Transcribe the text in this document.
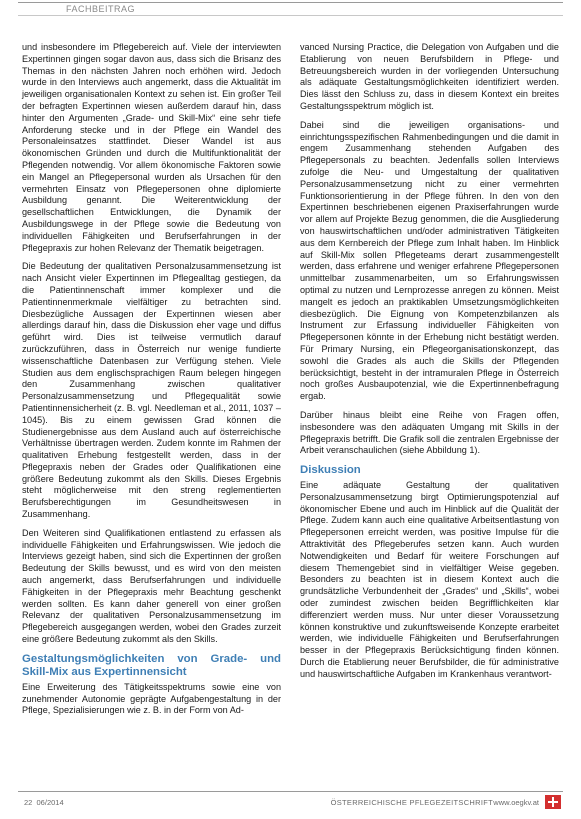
FACHBEITRAG

und insbesondere im Pflegebereich auf. Viele der interviewten Expertinnen gingen sogar davon aus, dass sich die Brisanz des Themas in den nächsten Jahren noch erhöhen wird. Jedoch wurde in den Interviews auch angemerkt, dass die Aktualität im jeweiligen organisationalen Kontext zu sehen ist. Ein großer Teil der befragten Expertinnen wiesen außerdem darauf hin, dass hinter den Argumenten „Grade- und Skill-Mix“ eine sehr tiefe Anforderung stecke und in der Pflege ein Wandel des Personaleinsatzes stattfindet. Dieser Wandel ist aus ökonomischen Gründen und durch die Multifunktionalität der Pflegenden notwendig. Vor allem ökonomische Faktoren sowie ein Mangel an Pflegepersonal wurden als Ursachen für den vermehrten Einsatz von Pflegepersonen ohne diplomierte Ausbildung genannt. Die Weiterentwicklung der gesellschaftlichen Entwicklungen, die Dynamik der Ausbildungswege in der Pflege sowie die Bedeutung von individuellen Fähigkeiten und Berufserfahrungen in der Pflegepraxis zur hohen Relevanz der Thematik beigetragen.

Die Bedeutung der qualitativen Personalzusammensetzung ist nach Ansicht vieler Expertinnen im Pflegealltag gestiegen, da die Patientinnenschaft immer komplexer und die Patientinnenmerkmale vielfältiger zu betrachten sind. Diesbezügliche Aussagen der Expertinnen wiesen aber allerdings darauf hin, dass die Diskussion eher vage und diffus geführt wird. Dies ist teilweise vermutlich darauf zurückzuführen, dass in Österreich nur wenige fundierte wissenschaftliche Datenbasen zur Verfügung stehen. Viele Studien aus dem englischsprachigen Raum belegen hingegen den Zusammenhang zwischen qualitativer Personalzusammensetzung und Pflegequalität sowie Patientinnensicherheit (z. B. vgl. Needleman et al., 2011, 1037 – 1045). Bis zu einem gewissen Grad können die Studienergebnisse aus dem Ausland auch auf österreichische Verhältnisse übertragen werden. Zudem konnte im Rahmen der qualitativen Erhebung festgestellt werden, dass in der Pflegepraxis neben der Grades oder Qualifikationen eine größere Bedeutung zukommt als den Skills. Dieses Ergebnis steht möglicherweise mit den streng reglementierten Berufsberechtigungen im Gesundheitswesen in Zusammenhang.

Den Weiteren sind Qualifikationen entlastend zu erfassen als individuelle Fähigkeiten und Erfahrungswissen. Wie jedoch die Interviews gezeigt haben, sind sich die Expertinnen der großen Bedeutung der Skills bewusst, und es wird von den meisten auch angemerkt, dass Berufserfahrungen und individuelle Fähigkeiten in der Pflegepraxis mehr Beachtung geschenkt werden sollten. Es kann daher generell von einer großen Relevanz der qualitativen Personalzusammensetzung im Pflegebereich ausgegangen werden, wobei den Grades zurzeit eine größere Bedeutung zukommt als den Skills.

Gestaltungsmöglichkeiten von Grade- und Skill-Mix aus Expertinnensicht

Eine Erweiterung des Tätigkeitsspektrums sowie eine von zunehmender Autonomie geprägte Aufgabengestaltung in der Pflege, Spezialisierungen wie z. B. in der Form von Ad-

vanced Nursing Practice, die Delegation von Aufgaben und die Etablierung von neuen Berufsbildern in Pflege- und Betreuungsbereich wurden in der vorliegenden Untersuchung als adäquate Gestaltungsmöglichkeiten identifiziert werden. Dies lässt den Schluss zu, dass in diesem Kontext ein breites Gestaltungsspektrum möglich ist.

Dabei sind die jeweiligen organisations- und einrichtungsspezifischen Rahmenbedingungen und die damit in engem Zusammenhang stehenden Aufgaben des Pflegepersonals zu beachten. Jedenfalls sollen Interviews zufolge die Neu- und Umgestaltung der qualitativen Personalzusammensetzung nicht zu einer vermehrten Funktionsorientierung in der Pflege führen. In den von den Expertinnen beschriebenen eigenen Praxiserfahrungen wurde vor allem auf Projekte Bezug genommen, die die Ausgliederung von hauswirtschaftlichen und/oder administrativen Tätigkeiten aus dem Kernbereich der Pflege zum Inhalt haben. Im Hinblick auf Skill-Mix sollen Pflegeteams derart zusammengestellt werden, dass erfahrene und weniger erfahrene Pflegepersonen unmittelbar zusammenarbeiten, um so Erfahrungswissen optimal zu nutzen und Lernprozesse anregen zu können. Meist mangelt es jedoch an praktikablen Umsetzungsmöglichkeiten diesbezüglich. Die Eignung von Kompetenzbilanzen als Instrument zur Erfassung individueller Fähigkeiten von Pflegepersonen könnte in der Erhebung nicht bestätigt werden. Für Primary Nursing, ein Pflegeorganisationskonzept, das sowohl die Grades als auch die Skills der Pflegenden berücksichtigt, besteht in der intramuralen Pflege in Österreich noch großes Ausbaupotenzial, wie die Expertinnenbefragung ergab.

Darüber hinaus bleibt eine Reihe von Fragen offen, insbesondere was den adäquaten Umgang mit Skills in der Pflegepraxis betrifft. Die Grafik soll die zentralen Ergebnisse der Arbeit veranschaulichen (siehe Abbildung 1).

Diskussion

Eine adäquate Gestaltung der qualitativen Personalzusammensetzung birgt Optimierungspotenzial auf ökonomischer Ebene und auch im Hinblick auf die Qualität der Pflege. Zudem kann auch eine qualitative Arbeitsentlastung von Pflegepersonen erreicht werden, was positive Impulse für die Attraktivität des Pflegeberufes setzen kann. Auch wurden Notwendigkeiten und Bedarf für weitere Forschungen auf diesem Themengebiet sind in vielfältiger Weise gegeben. Besonders zu beachten ist in diesem Kontext auch die grundsätzliche Verbundenheit der „Grades“ und „Skills“, wobei oder zumindest zwischen beiden Begrifflichkeiten klar differenziert werden muss. Nur unter dieser Voraussetzung können konstruktive und zukunftsweisende Konzepte erarbeitet werden, wie individuelle Fähigkeiten und Berufserfahrungen besser in der Pflegepraxis Berücksichtigung finden können. Durch die Etablierung neuer Berufsbilder, die für administrative und hauswirtschaftliche Aufgaben im Krankenhaus verantwort-

22 06/2014	ÖSTERREICHISCHE PFLEGEZEITSCHRIFT www.oegkv.at
